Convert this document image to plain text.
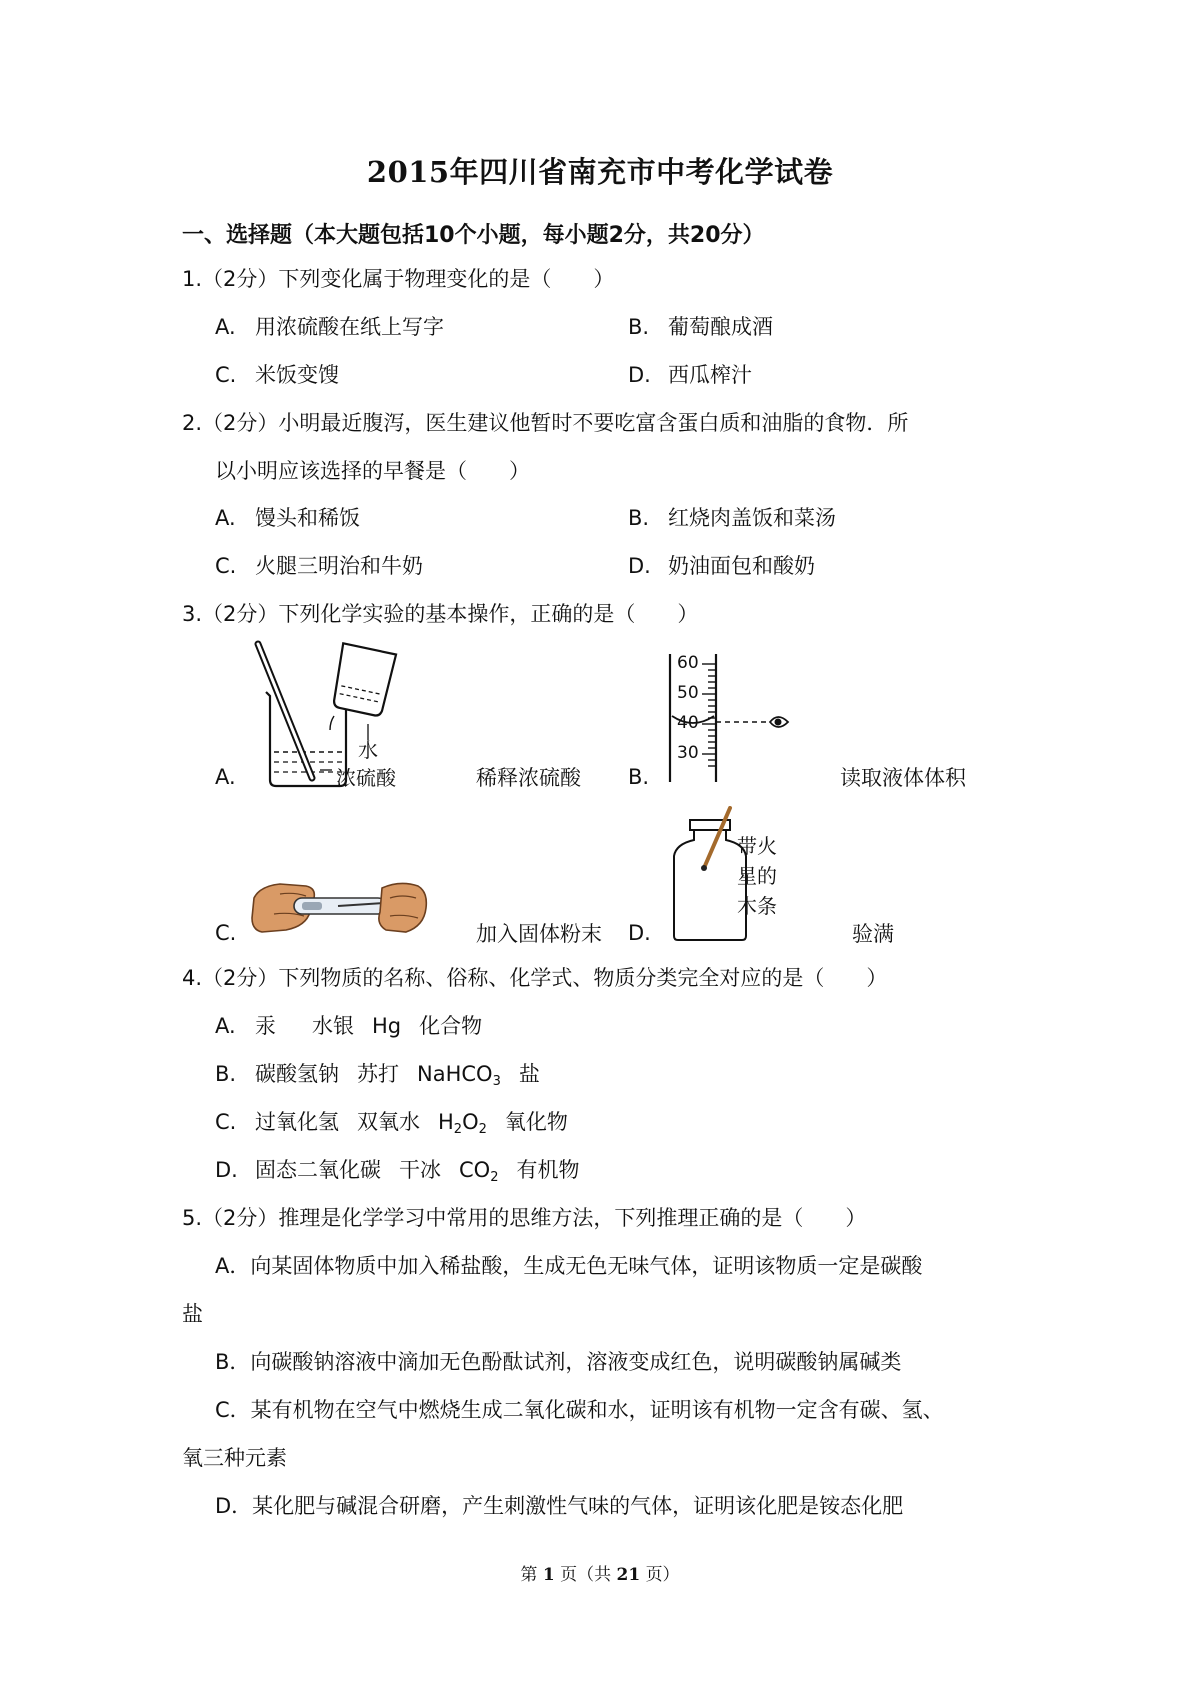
2015年四川省南充市中考化学试卷
一、选择题（本大题包括10个小题，每小题2分，共20分）
1.（2分）下列变化属于物理变化的是（　　）
A. 用浓硫酸在纸上写字	B. 葡萄酿成酒
C. 米饭变馊	D. 西瓜榨汁
2.（2分）小明最近腹泻，医生建议他暂时不要吃富含蛋白质和油脂的食物．所
以小明应该选择的早餐是（　　）
A. 馒头和稀饭	B. 红烧肉盖饭和菜汤
C. 火腿三明治和牛奶	D. 奶油面包和酸奶
3.（2分）下列化学实验的基本操作，正确的是（　　）
A.
水
浓硫酸	稀释浓硫酸 B.
60
50
40
30
读取液体体积
C.	加入固体粉末 D.
带火
星的
木条
验满
4.（2分）下列物质的名称、俗称、化学式、物质分类完全对应的是（　　）
A. 汞 水银 Hg 化合物
B. 碳酸氢钠 苏打 NaHCO$_3$ 盐
C. 过氧化氢 双氧水 $H_2O_2$ 氧化物
D. 固态二氧化碳 干冰 $CO_2$ 有机物
5.（2分）推理是化学学习中常用的思维方法，下列推理正确的是（　　）
A．向某固体物质中加入稀盐酸，生成无色无味气体，证明该物质一定是碳酸
盐
B．向碳酸钠溶液中滴加无色酚酞试剂，溶液变成红色，说明碳酸钠属碱类
C．某有机物在空气中燃烧生成二氧化碳和水，证明该有机物一定含有碳、氢、
氧三种元素
D．某化肥与碱混合研磨，产生刺激性气味的气体，证明该化肥是铵态化肥
第 1 页（共 21 页）
